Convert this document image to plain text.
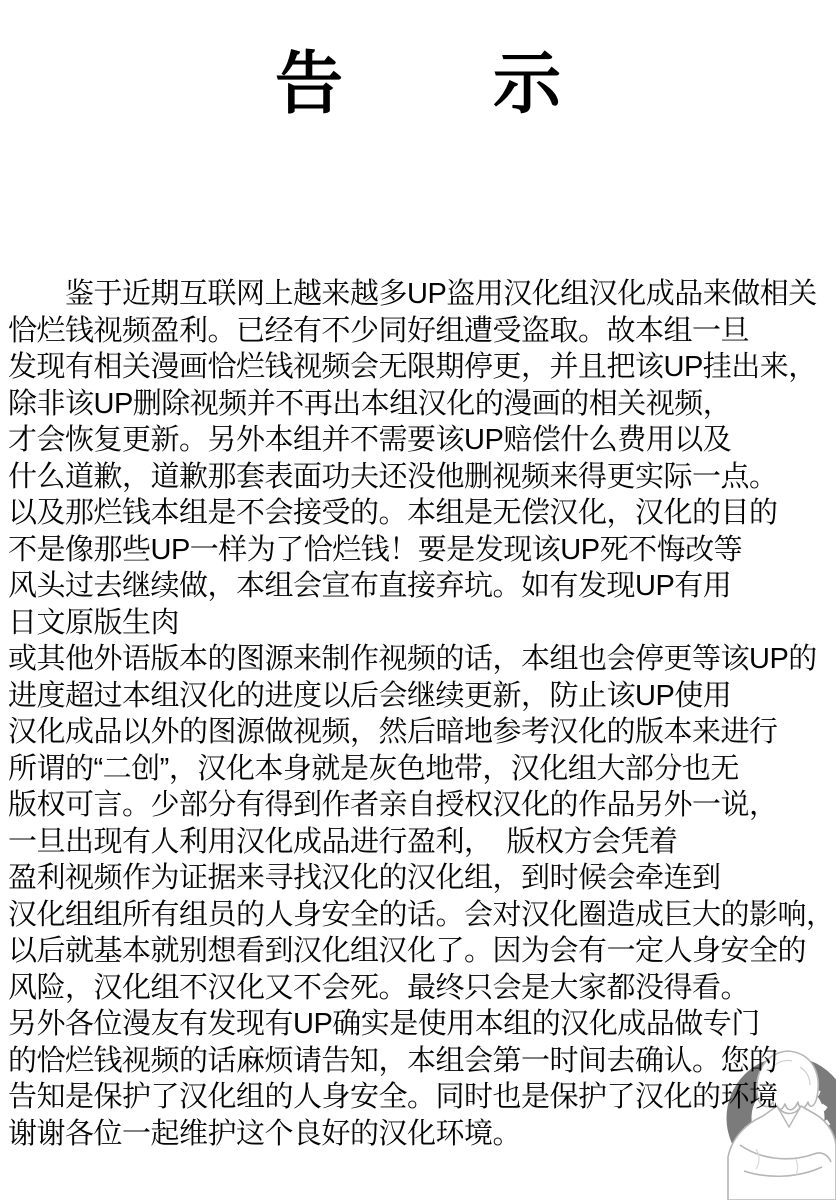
告 示
　　鉴于近期互联网上越来越多UP盗用汉化组汉化成品来做相关
恰烂钱视频盈利。已经有不少同好组遭受盗取。故本组一旦
发现有相关漫画恰烂钱视频会无限期停更，并且把该UP挂出来，
除非该UP删除视频并不再出本组汉化的漫画的相关视频，
才会恢复更新。另外本组并不需要该UP赔偿什么费用以及
什么道歉，道歉那套表面功夫还没他删视频来得更实际一点。
以及那烂钱本组是不会接受的。本组是无偿汉化，汉化的目的
不是像那些UP一样为了恰烂钱！要是发现该UP死不悔改等
风头过去继续做，本组会宣布直接弃坑。如有发现UP有用
日文原版生肉
或其他外语版本的图源来制作视频的话，本组也会停更等该UP的
进度超过本组汉化的进度以后会继续更新，防止该UP使用
汉化成品以外的图源做视频，然后暗地参考汉化的版本来进行
所谓的“二创”，汉化本身就是灰色地带，汉化组大部分也无
版权可言。少部分有得到作者亲自授权汉化的作品另外一说，
一旦出现有人利用汉化成品进行盈利，　版权方会凭着
盈利视频作为证据来寻找汉化的汉化组，到时候会牵连到
汉化组组所有组员的人身安全的话。会对汉化圈造成巨大的影响，
以后就基本就别想看到汉化组汉化了。因为会有一定人身安全的
风险，汉化组不汉化又不会死。最终只会是大家都没得看。
另外各位漫友有发现有UP确实是使用本组的汉化成品做专门
的恰烂钱视频的话麻烦请告知，本组会第一时间去确认。您的
告知是保护了汉化组的人身安全。同时也是保护了汉化的环境
谢谢各位一起维护这个良好的汉化环境。
